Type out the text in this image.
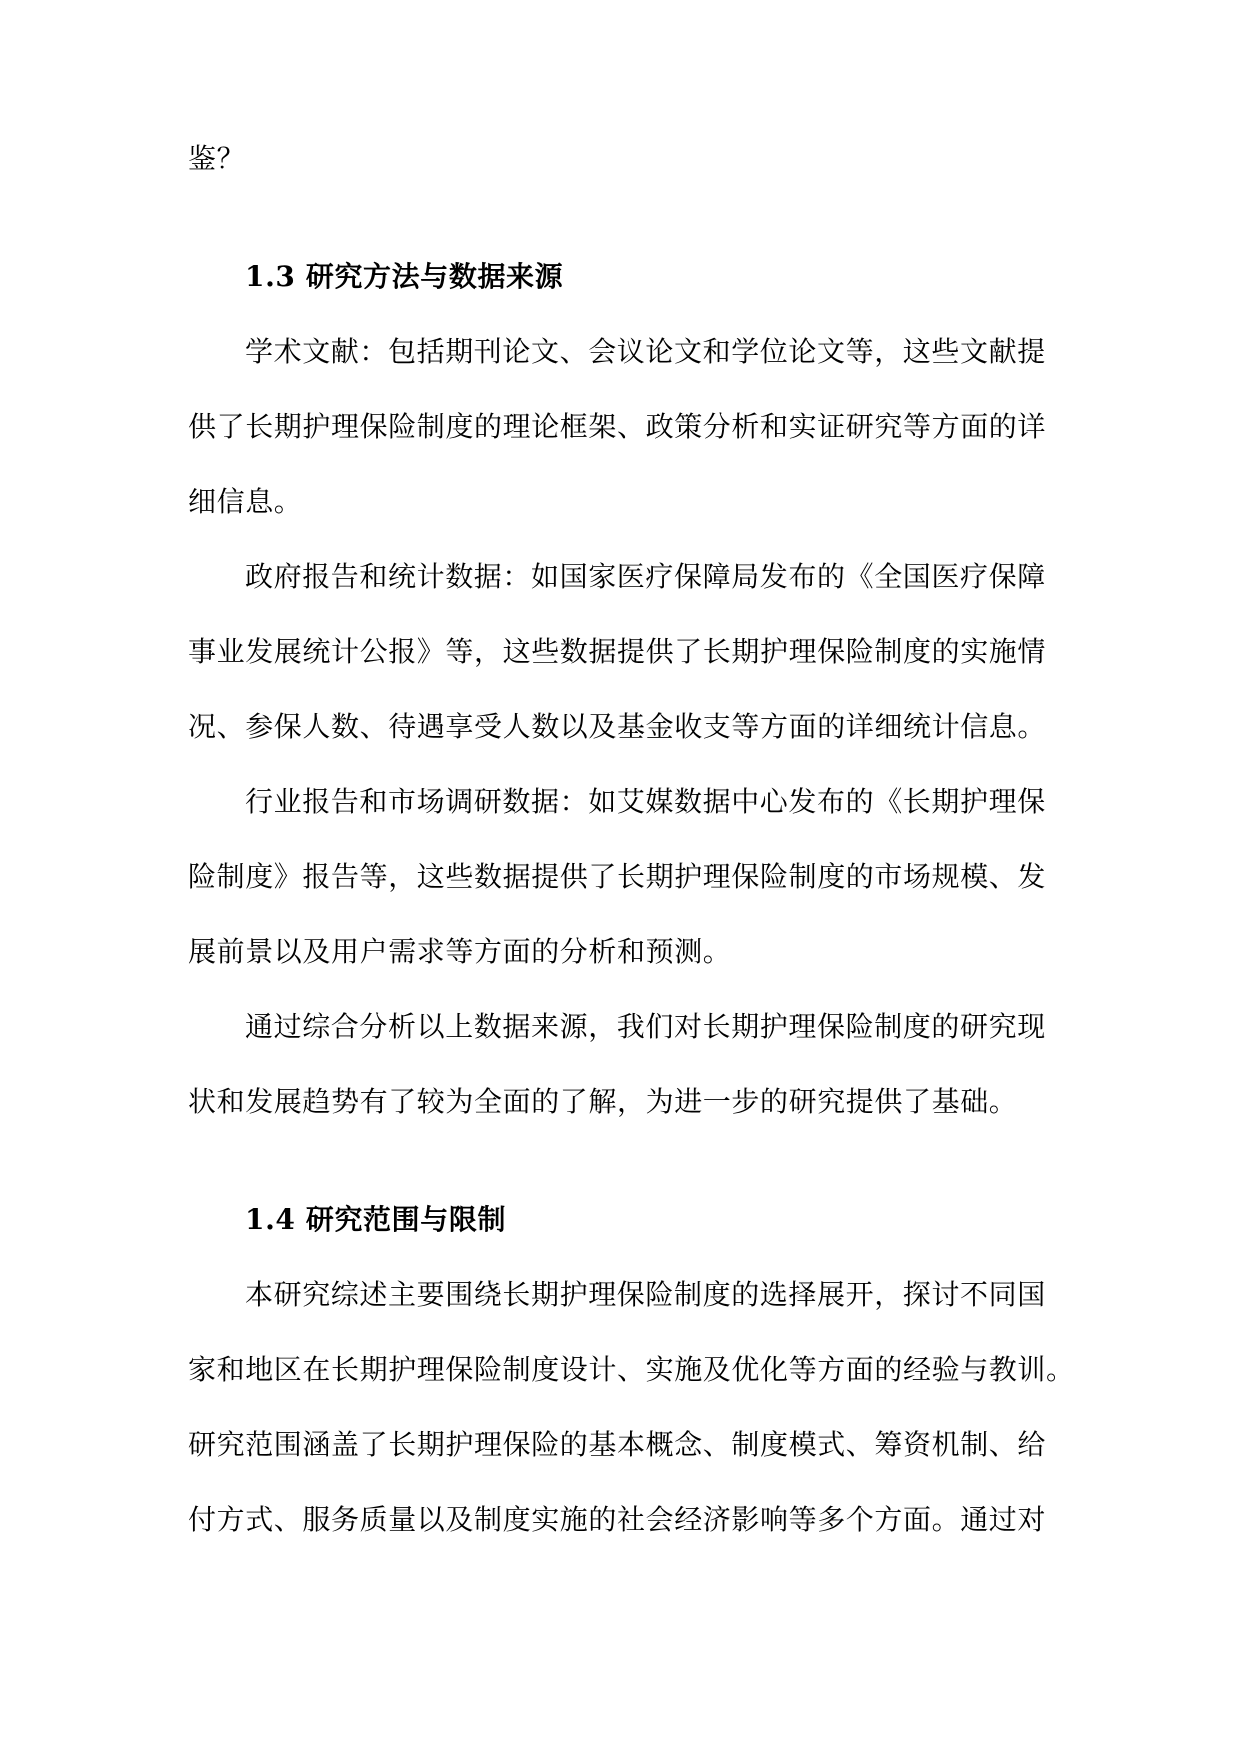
鉴？
1.3 研究方法与数据来源
学术文献：包括期刊论文、会议论文和学位论文等，这些文献提
供了长期护理保险制度的理论框架、政策分析和实证研究等方面的详
细信息。
政府报告和统计数据：如国家医疗保障局发布的《全国医疗保障
事业发展统计公报》等，这些数据提供了长期护理保险制度的实施情
况、参保人数、待遇享受人数以及基金收支等方面的详细统计信息。
行业报告和市场调研数据：如艾媒数据中心发布的《长期护理保
险制度》报告等，这些数据提供了长期护理保险制度的市场规模、发
展前景以及用户需求等方面的分析和预测。
通过综合分析以上数据来源，我们对长期护理保险制度的研究现
状和发展趋势有了较为全面的了解，为进一步的研究提供了基础。
1.4 研究范围与限制
本研究综述主要围绕长期护理保险制度的选择展开，探讨不同国
家和地区在长期护理保险制度设计、实施及优化等方面的经验与教训。
研究范围涵盖了长期护理保险的基本概念、制度模式、筹资机制、给
付方式、服务质量以及制度实施的社会经济影响等多个方面。通过对
